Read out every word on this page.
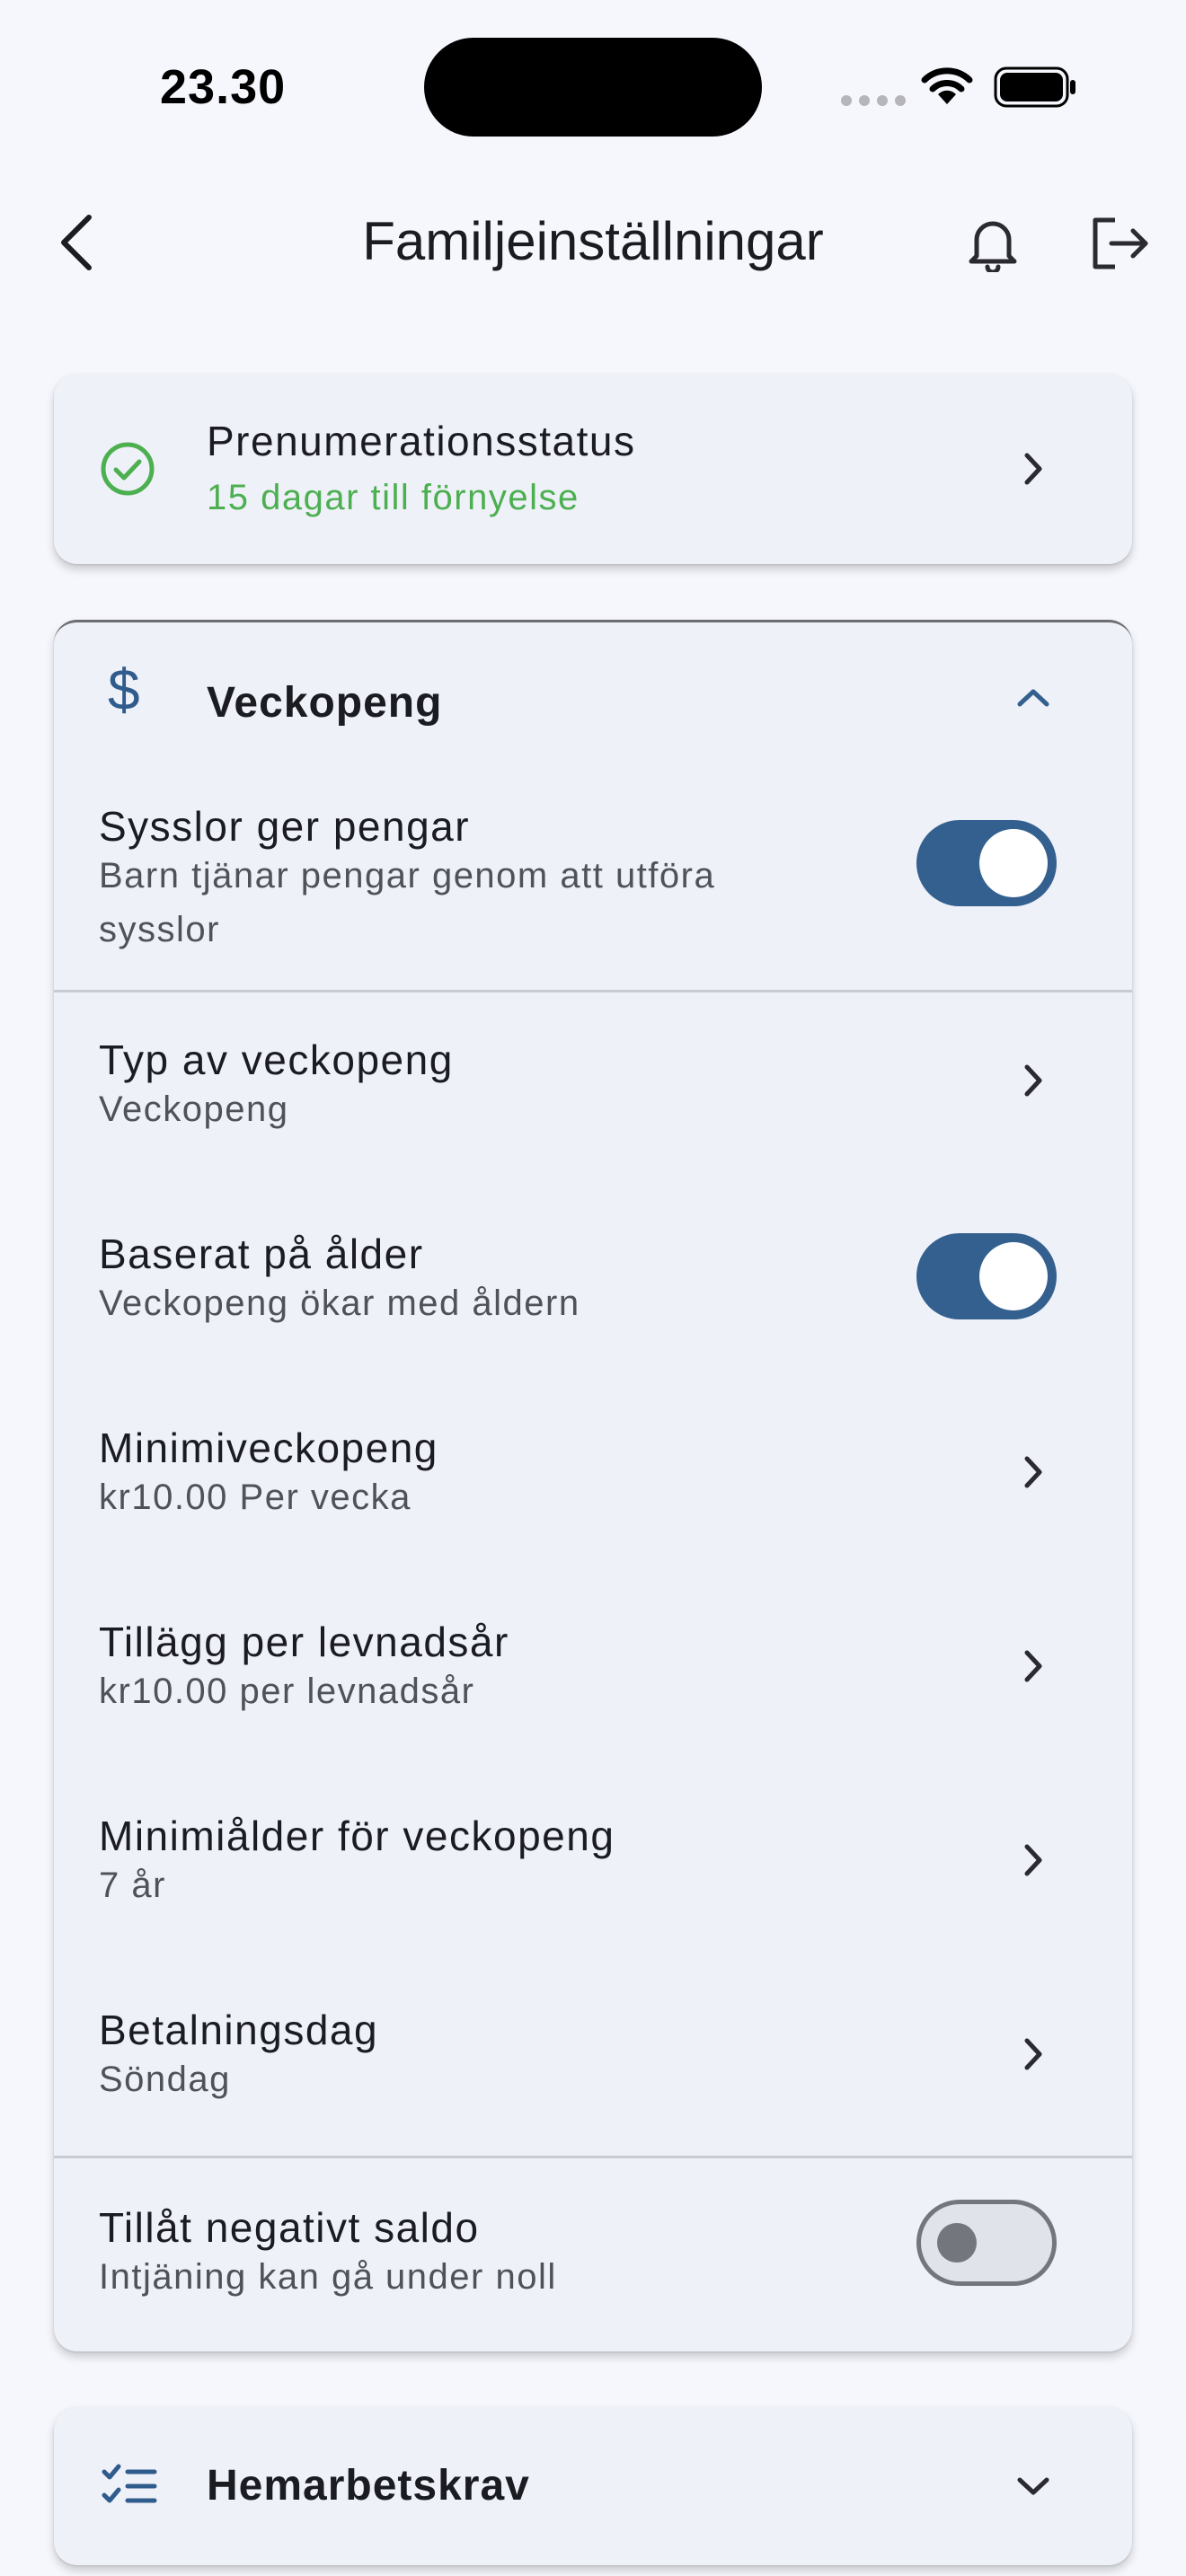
23.30
Familjeinställningar
Prenumerationsstatus
15 dagar till förnyelse
$ Veckopeng
Sysslor ger pengar
Barn tjänar pengar genom att utföra sysslor
Typ av veckopeng
Veckopeng
Baserat på ålder
Veckopeng ökar med åldern
Minimiveckopeng
kr10.00 Per vecka
Tillägg per levnadsår
kr10.00 per levnadsår
Minimiålder för veckopeng
7 år
Betalningsdag
Söndag
Tillåt negativt saldo
Intjäning kan gå under noll
Hemarbetskrav
